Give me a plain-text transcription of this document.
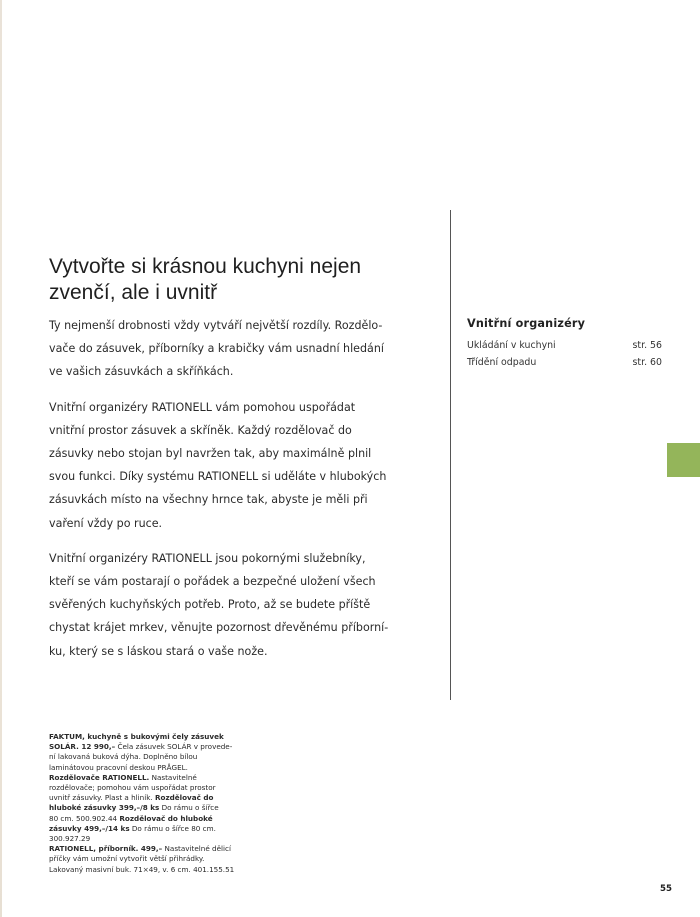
Vytvořte si krásnou kuchyni nejen
zvenčí, ale i uvnitř

Ty nejmenší drobnosti vždy vytváří největší rozdíly. Rozdělo-
vače do zásuvek, příborníky a krabičky vám usnadní hledání
ve vašich zásuvkách a skříňkách.

Vnitřní organizéry RATIONELL vám pomohou uspořádat
vnitřní prostor zásuvek a skříněk. Každý rozdělovač do
zásuvky nebo stojan byl navržen tak, aby maximálně plnil
svou funkci. Díky systému RATIONELL si uděláte v hlubokých
zásuvkách místo na všechny hrnce tak, abyste je měli při
vaření vždy po ruce.

Vnitřní organizéry RATIONELL jsou pokornými služebníky,
kteří se vám postarají o pořádek a bezpečné uložení všech
svěřených kuchyňských potřeb. Proto, až se budete příště
chystat krájet mrkev, věnujte pozornost dřevěnému příborní-
ku, který se s láskou stará o vaše nože.

Vnitřní organizéry
Ukládání v kuchyni	str. 56
Třídění odpadu	str. 60
FAKTUM, kuchyně s bukovými čely zásuvek
SOLÁR. 12 990,– Čela zásuvek SOLÁR v provede-
ní lakovaná buková dýha. Doplněno bílou
laminátovou pracovní deskou PRÅGEL.
Rozdělovače RATIONELL. Nastavitelné
rozdělovače; pomohou vám uspořádat prostor
uvnitř zásuvky. Plast a hliník. Rozdělovač do
hluboké zásuvky 399,–/8 ks Do rámu o šířce
80 cm. 500.902.44 Rozdělovač do hluboké
zásuvky 499,–/14 ks Do rámu o šířce 80 cm.
300.927.29
RATIONELL, příborník. 499,– Nastavitelné dělicí
příčky vám umožní vytvořit větší přihrádky.
Lakovaný masivní buk. 71×49, v. 6 cm. 401.155.51
55
